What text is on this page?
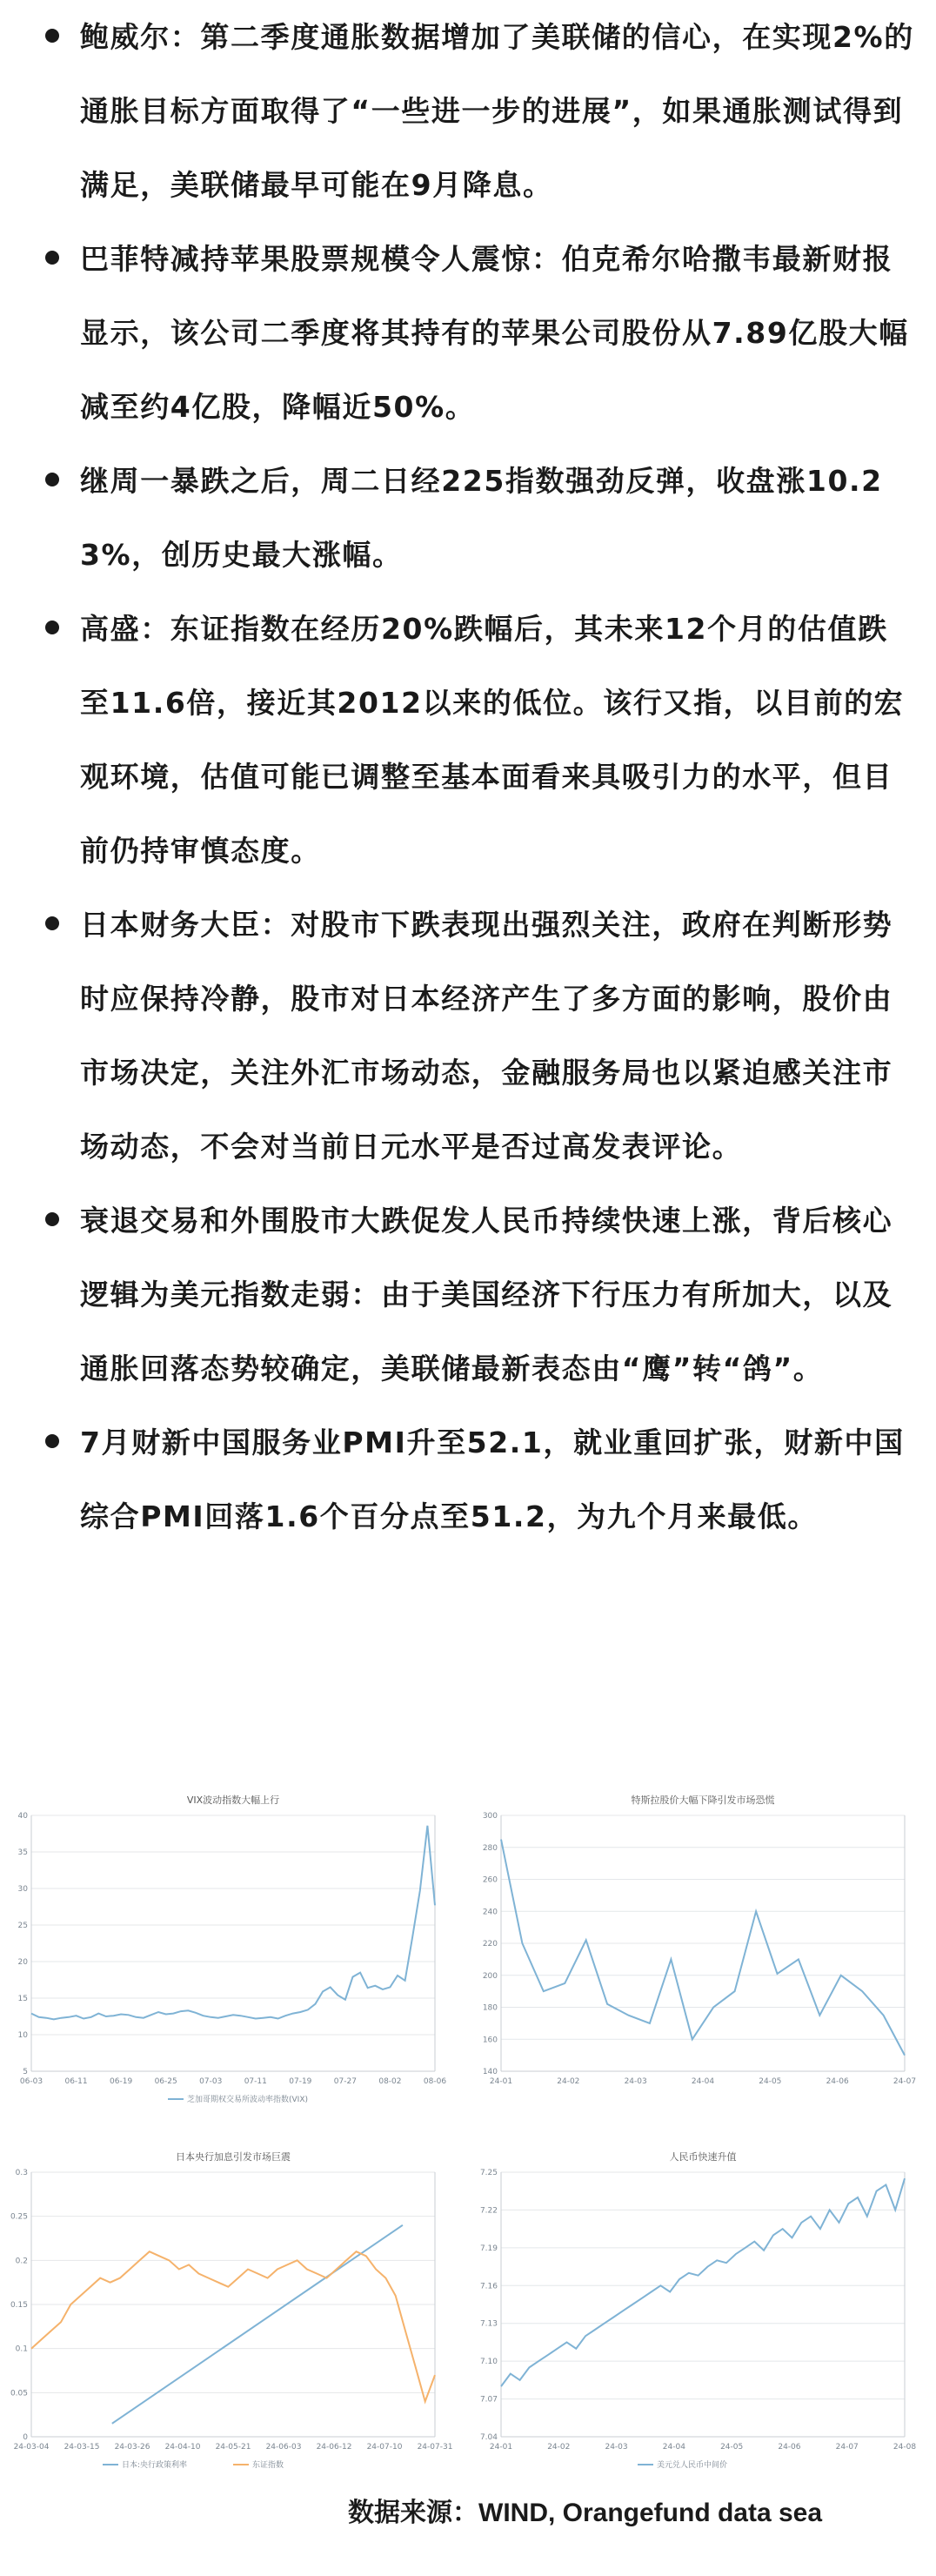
鲍威尔：第二季度通胀数据增加了美联储的信心，在实现2%的通胀目标方面取得了“一些进一步的进展”，如果通胀测试得到满足，美联储最早可能在9月降息。
巴菲特减持苹果股票规模令人震惊：伯克希尔哈撒韦最新财报显示，该公司二季度将其持有的苹果公司股份从7.89亿股大幅减至约4亿股，降幅近50%。
继周一暴跌之后，周二日经225指数强劲反弹，收盘涨10.23%，创历史最大涨幅。
高盛：东证指数在经历20%跌幅后，其未来12个月的估值跌至11.6倍，接近其2012以来的低位。该行又指，以目前的宏观环境，估值可能已调整至基本面看来具吸引力的水平，但目前仍持审慎态度。
日本财务大臣：对股市下跌表现出强烈关注，政府在判断形势时应保持冷静，股市对日本经济产生了多方面的影响，股价由市场决定，关注外汇市场动态，金融服务局也以紧迫感关注市场动态，不会对当前日元水平是否过高发表评论。
衰退交易和外围股市大跌促发人民币持续快速上涨，背后核心逻辑为美元指数走弱：由于美国经济下行压力有所加大，以及通胀回落态势较确定，美联储最新表态由“鹰”转“鸽”。
7月财新中国服务业PMI升至52.1，就业重回扩张，财新中国综合PMI回落1.6个百分点至51.2，为九个月来最低。
VIX波动指数大幅上行
40
35
30
25
20
15
10
5
06-03	06-11	06-19	06-25	07-03	07-11	07-19	07-27	08-02	08-06
芝加哥期权交易所波动率指数(VIX)
特斯拉股价大幅下降引发市场恐慌
300
280
260
240
220
200
180
160
140
24-01	24-02	24-03	24-04	24-05	24-06	24-07
日本央行加息引发市场巨震
0.3
0.25
0.2
0.15
0.1
0.05
0
24-03-04 24-03-15 24-03-26 24-04-10 24-05-21 24-06-03 24-06-12 24-07-10 24-07-31
日本:央行政策利率	东证指数
人民币快速升值
7.25
7.22
7.19
7.16
7.13
7.10
7.07
7.04
24-01	24-02	24-03	24-04	24-05	24-06	24-07	24-08
美元兑人民币中间价
数据来源：WIND, Orangefund data sea
